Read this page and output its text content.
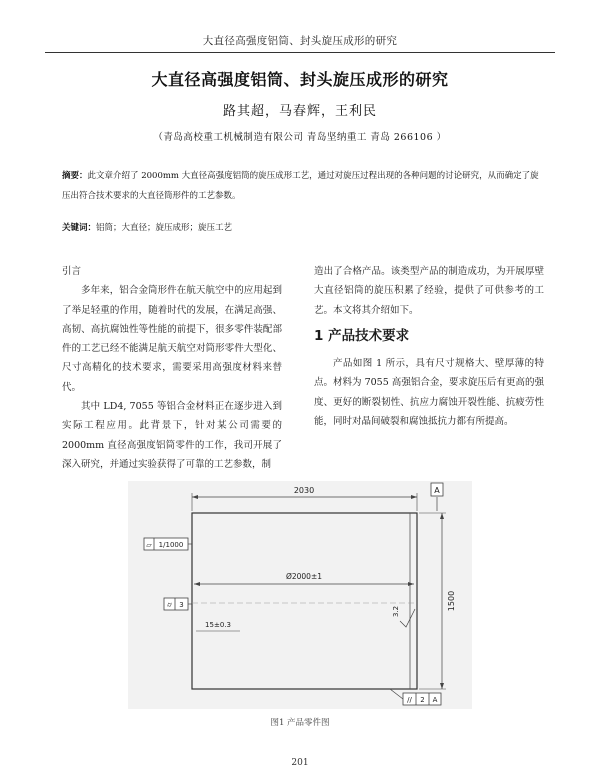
大直径高强度铝筒、封头旋压成形的研究
大直径高强度铝筒、封头旋压成形的研究
路其超，马春辉，王利民
（青岛高校重工机械制造有限公司 青岛坚纳重工 青岛 266106 ）
摘要：此文章介绍了 2000mm 大直径高强度铝筒的旋压成形工艺，通过对旋压过程出现的各种问题的讨论研究，从而确定了旋压出符合技术要求的大直径筒形件的工艺参数。
关键词：铝筒；大直径；旋压成形；旋压工艺

引言

多年来，铝合金筒形件在航天航空中的应用起到了举足轻重的作用，随着时代的发展，在满足高强、高韧、高抗腐蚀性等性能的前提下，很多零件装配部件的工艺已经不能满足航天航空对筒形零件大型化、尺寸高精化的技术要求，需要采用高强度材料来替代。

其中 LD4, 7055 等铝合金材料正在逐步进入到实际工程应用。此背景下，针对某公司需要的 2000mm 直径高强度铝筒零件的工作，我司开展了深入研究，并通过实验获得了可靠的工艺参数，制

造出了合格产品。该类型产品的制造成功，为开展厚壁大直径铝筒的旋压积累了经验，提供了可供参考的工艺。本文将其介绍如下。

1 产品技术要求

产品如图 1 所示，具有尺寸规格大、壁厚薄的特点。材料为 7055 高强铝合金，要求旋压后有更高的强度、更好的断裂韧性、抗应力腐蚀开裂性能、抗疲劳性能，同时对晶间破裂和腐蚀抵抗力都有所提高。

2030	A
Ø2000±1
⏥ 1/1000
⌭ 3
15±0.3
3.2
1500
// 2 A
图1 产品零件图
201
